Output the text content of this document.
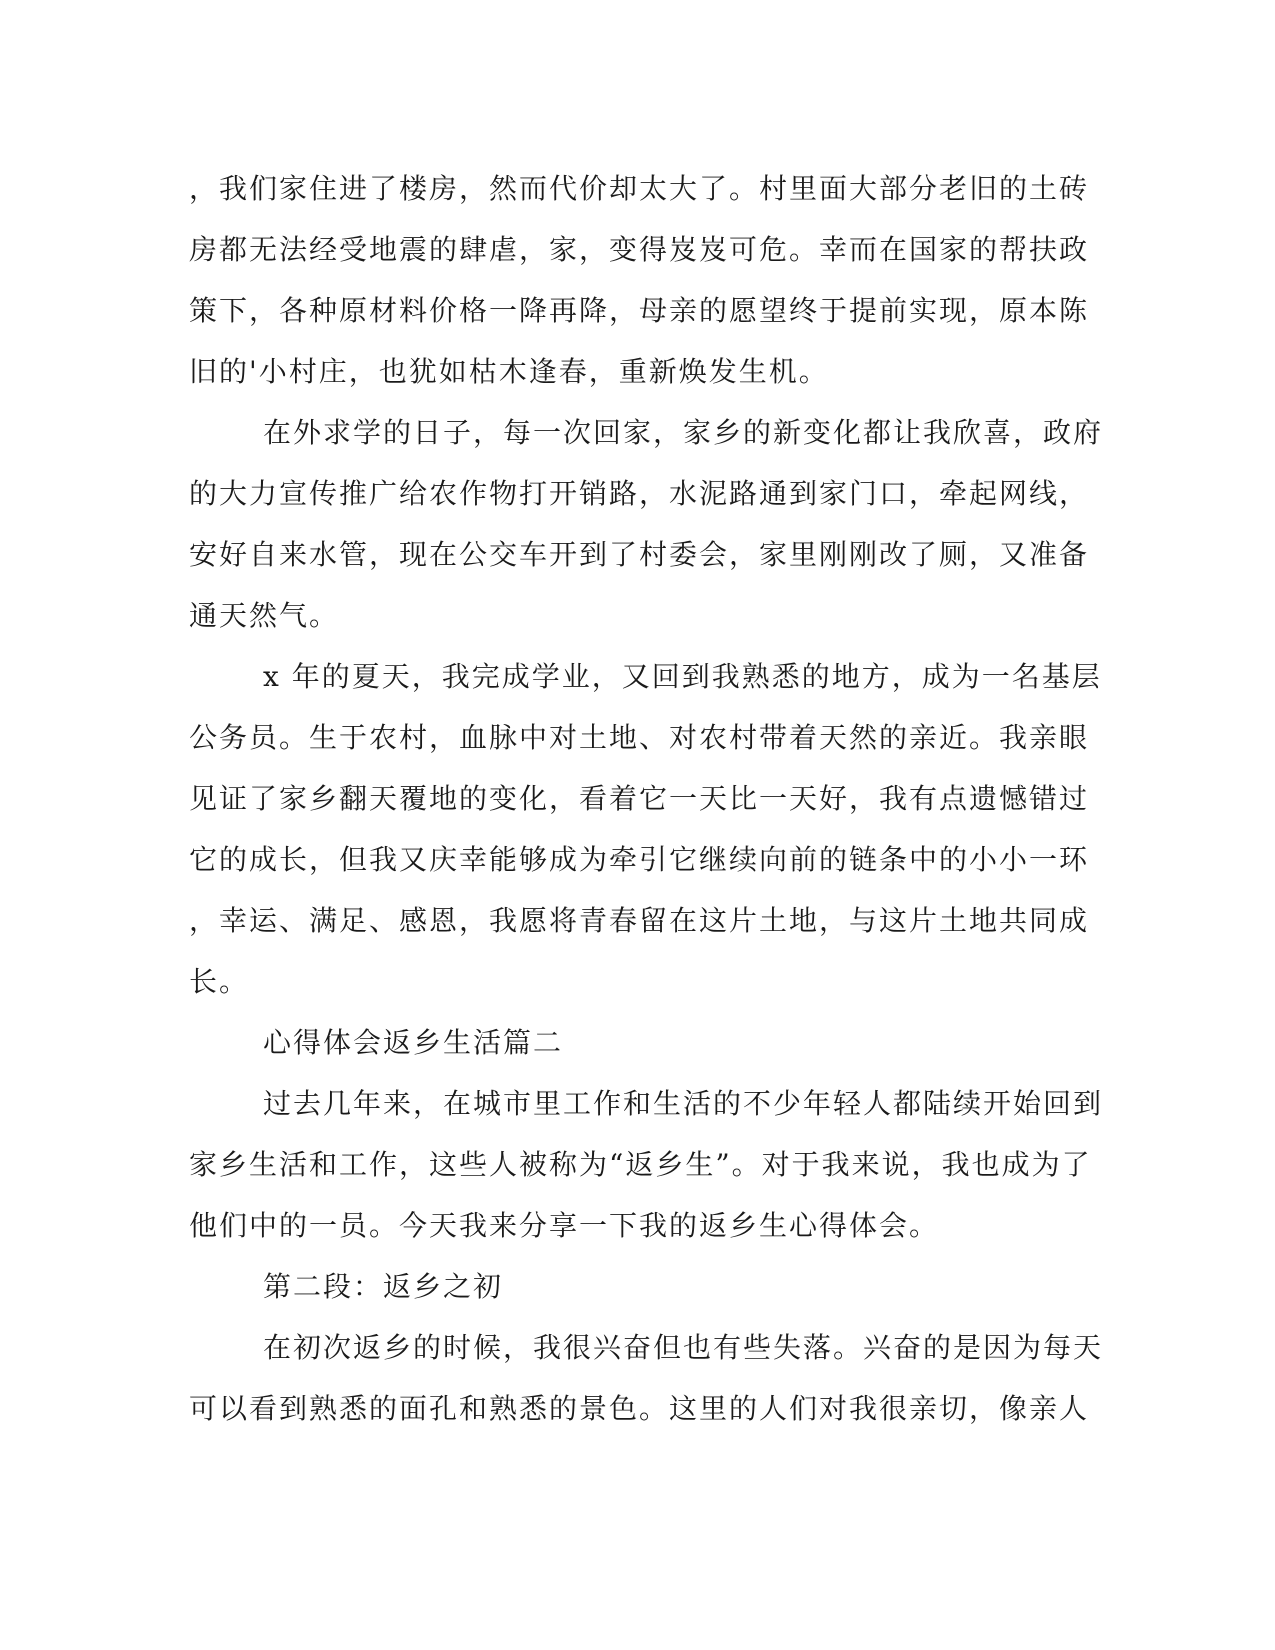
，我们家住进了楼房，然而代价却太大了。村里面大部分老旧的土砖
房都无法经受地震的肆虐，家，变得岌岌可危。幸而在国家的帮扶政
策下，各种原材料价格一降再降，母亲的愿望终于提前实现，原本陈
旧的'小村庄，也犹如枯木逢春，重新焕发生机。
在外求学的日子，每一次回家，家乡的新变化都让我欣喜，政府
的大力宣传推广给农作物打开销路，水泥路通到家门口，牵起网线，
安好自来水管，现在公交车开到了村委会，家里刚刚改了厕，又准备
通天然气。
x 年的夏天，我完成学业，又回到我熟悉的地方，成为一名基层
公务员。生于农村，血脉中对土地、对农村带着天然的亲近。我亲眼
见证了家乡翻天覆地的变化，看着它一天比一天好，我有点遗憾错过
它的成长，但我又庆幸能够成为牵引它继续向前的链条中的小小一环
，幸运、满足、感恩，我愿将青春留在这片土地，与这片土地共同成
长。
心得体会返乡生活篇二
过去几年来，在城市里工作和生活的不少年轻人都陆续开始回到
家乡生活和工作，这些人被称为“返乡生”。对于我来说，我也成为了
他们中的一员。今天我来分享一下我的返乡生心得体会。
第二段：返乡之初
在初次返乡的时候，我很兴奋但也有些失落。兴奋的是因为每天
可以看到熟悉的面孔和熟悉的景色。这里的人们对我很亲切，像亲人
